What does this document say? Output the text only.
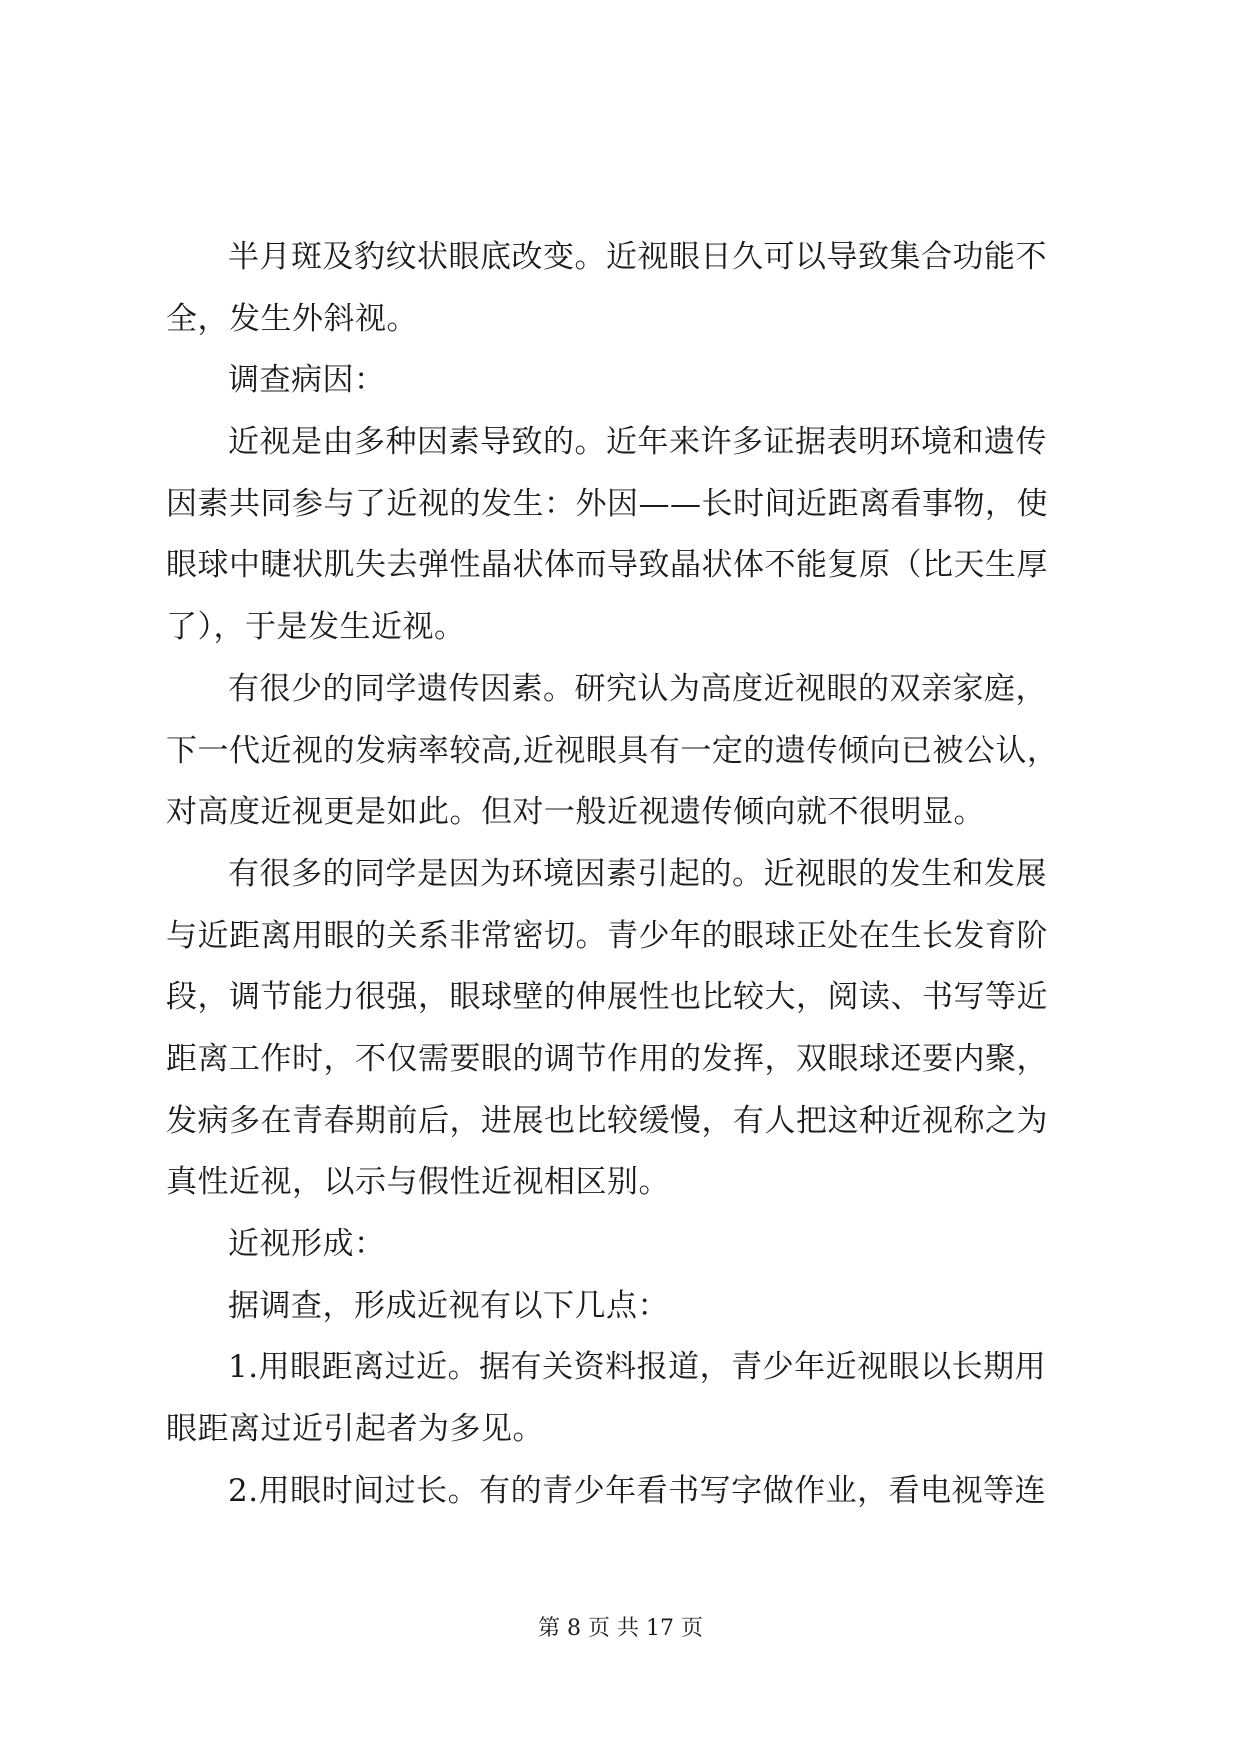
半月斑及豹纹状眼底改变。近视眼日久可以导致集合功能不
全，发生外斜视。
调查病因：
近视是由多种因素导致的。近年来许多证据表明环境和遗传
因素共同参与了近视的发生：外因——长时间近距离看事物，使
眼球中睫状肌失去弹性晶状体而导致晶状体不能复原（比天生厚
了），于是发生近视。
有很少的同学遗传因素。研究认为高度近视眼的双亲家庭，
下一代近视的发病率较高,近视眼具有一定的遗传倾向已被公认，
对高度近视更是如此。但对一般近视遗传倾向就不很明显。
有很多的同学是因为环境因素引起的。近视眼的发生和发展
与近距离用眼的关系非常密切。青少年的眼球正处在生长发育阶
段，调节能力很强，眼球壁的伸展性也比较大，阅读、书写等近
距离工作时，不仅需要眼的调节作用的发挥，双眼球还要内聚，
发病多在青春期前后，进展也比较缓慢，有人把这种近视称之为
真性近视，以示与假性近视相区别。
近视形成：
据调查，形成近视有以下几点：
1.用眼距离过近。据有关资料报道，青少年近视眼以长期用
眼距离过近引起者为多见。
2.用眼时间过长。有的青少年看书写字做作业，看电视等连
第 8 页 共 17 页
